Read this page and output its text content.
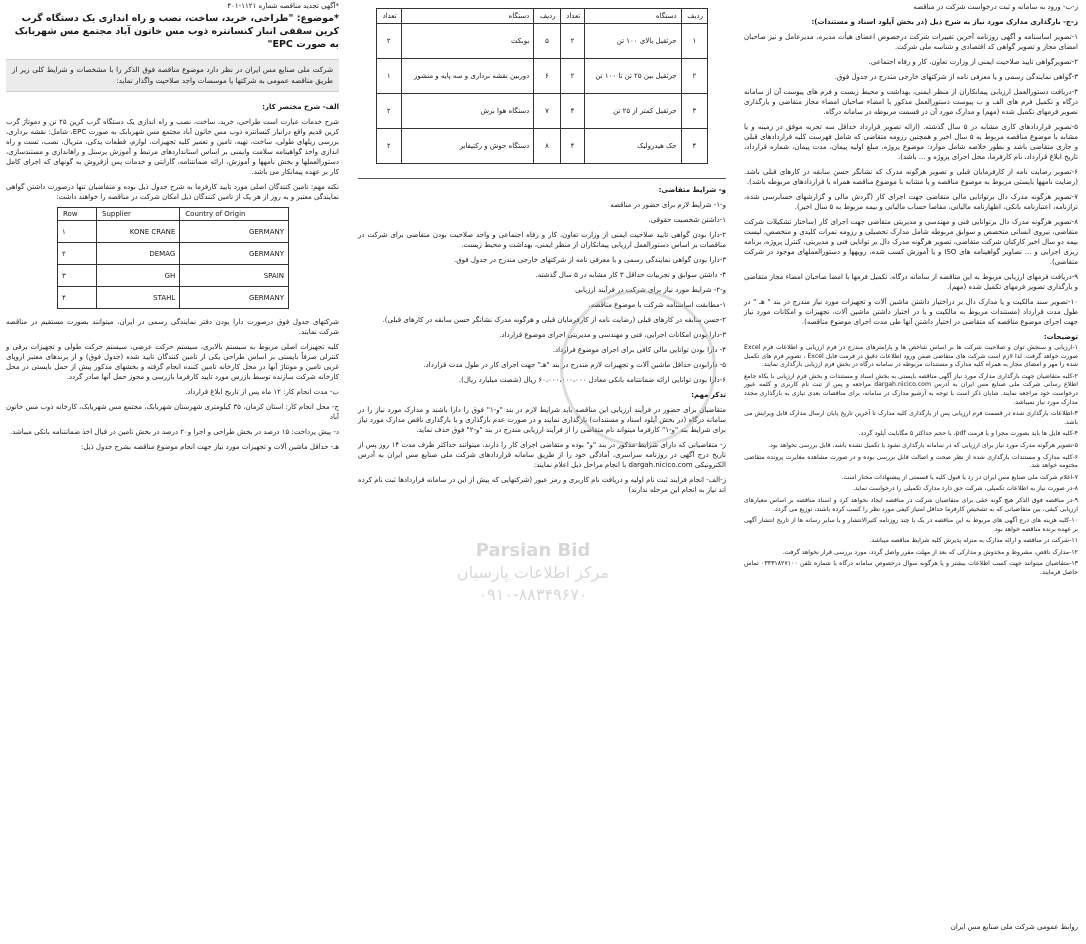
*آگهی تجدید مناقصه شماره ۱۱۲۱-۴۰۱
*موضوع: "طراحی، خرید، ساخت، نصب و راه اندازی یک دستگاه گرب کرین سقفی انبار کنسانتره ذوب مس خاتون آباد مجتمع مس شهربابک به صورت EPC"
شرکت ملی صنایع مس ایران در نظر دارد موضوع مناقصه فوق الذکر را با مشخصات و شرایط کلی زیر از طریق مناقصه عمومی به شرکتها یا موسسات واجد صلاحیت واگذار نماید:

الف- شرح مختصر کار:

شرح خدمات عبارت است طراحی، خرید، ساخت، نصب و راه اندازی یک دستگاه گرب کرین ۲۵ تن و دموتاژ گرب کرین قدیم واقع درانبار کنسانتره ذوب مس خاتون آباد مجتمع مس شهربابک به صورت EPC، شامل: نقشه برداری، بررسی ریلهای طولی، ساخت، تهیه، تامین و تعمیر کلیه تجهیزات، لوازم، قطعات یدکی، متریال، نصب، تست و راه اندازی واخذ گواهینامه سلامت وایمنی بر اساس استانداردهای مرتبط و آموزش پرسنل و راهاندازی و مستندسازی، دستورالعملها و بخش نامهها و آموزش، ارائه ضمانتنامه، گارانتی و خدمات پس ازفروش به گونهای که اجرای کامل کار بر عهده پیمانکار می باشد.

نکته مهم: تامین کنندگان اصلی مورد تایید کارفرما به شرح جدول ذیل بوده و متقاضیان تنها درصورت داشتن گواهی نمایندگی معتبر و به روز از هر یک از تامین کنندگان ذیل امکان شرکت در مناقصه را خواهند داشت:

Row	Supplier	Country of Origin
۱	KONE CRANE	GERMANY
۲	DEMAG	GERMANY
۳	GH	SPAIN
۴	STAHL	GERMANY

شرکتهای جدول فوق درصورت دارا بودن دفتر نمایندگی رسمی در ایران، میتوانند بصورت مستقیم در مناقصه شرکت نمایند.

کلیه تجهیزات اصلی مربوط به سیستم بالابری، سیستم حرکت عرضی، سیستم حرکت طولی و تجهیزات برقی و کنترلی صرفاً بایستی بر اساس طراحی یکی از تامین کنندگان تایید شده (جدول فوق) و از برندهای معتبر اروپای غربی تامین و مونتاژ آنها در محل کارخانه تامین کننده انجام گرفته و بخشهای مذکور پیش از حمل بایستی در محل کارخانه شرکت سازنده توسط بازرس مورد تایید کارفرما بازرسی و مجوز حمل آنها صادر گردد.

ب- مدت انجام کار: ۱۲ ماه پس از تاریخ ابلاغ قرارداد.

ج- محل انجام کار: استان کرمان، ۳۵ کیلومتری شهرستان شهربابک، مجتمع مس شهربابک، کارخانه ذوب مس خاتون آباد

د- پیش پرداخت: ۱۵ درصد در بخش طراحی و اجرا و۲۰ درصد در بخش تامین در قبال اخذ ضمانتنامه بانکی میباشد.

هـ- حداقل ماشین آلات و تجهیزات مورد نیاز جهت انجام موضوع مناقصه بشرح جدول ذیل:

ردیف	دستگاه	تعداد	ردیف	دستگاه	تعداد
۱	جرثقیل بالای ۱۰۰ تن	۲	۵	بوبکت	۲
۲	جرثقیل بین ۲۵ تن تا ۱۰۰ تن	۲	۶	دوربین نقشه برداری و سه پایه و منشور	۱
۳	جرثقیل کمتر از ۲۵ تن	۴	۷	دستگاه هوا برش	۲
۴	جک هیدرولیک	۴	۸	دستگاه جوش و رکتیفایر	۲

و- شرایط متقاضی:

و-۱- شرایط لازم برای حضور در مناقصه

۱-داشتن شخصیت حقوقی.

۲-دارا بودن گواهی تایید صلاحیت ایمنی از وزارت تعاون، کار و رفاه اجتماعی و واجد صلاحیت بودن متقاضی برای شرکت در مناقصات بر اساس دستورالعمل ارزیابی پیمانکاران از منظر ایمنی، بهداشت و محیط زیست.

۳-دارا بودن گواهی نمایندگی رسمی و یا معرفی نامه از شرکتهای خارجی مندرج در جدول فوق.

۴- داشتن سوابق و تجربیات حداقل ۳ کار مشابه در ۵ سال گذشته.

و-۲- شرایط مورد نیاز برای شرکت در فرآیند ارزیابی

۱-مطابقت اساسنامه شرکت با موضوع مناقصه.

۲-حسن سابقه در کارهای قبلی (رضایت نامه از کارفرمایان قبلی و هرگونه مدرک نشانگر حسن سابقه در کارهای قبلی).

۳-دارا بودن امکانات اجرایی، فنی و مهندسی و مدیریتی اجرای موضوع قرارداد.

۴- دارا بودن توانایی مالی کافی برای اجرای موضوع قرارداد.

۵- دارابودن حداقل ماشین آلات و تجهیزات لازم مندرج در بند "هـ" جهت اجرای کار در طول مدت قرارداد.

۶-دارا بودن توانایی ارائه ضمانتنامه بانکی معادل ۶۰،۰۰۰،۰۰۰،۰۰۰ ریال (شصت میلیارد ریال).

تذکر مهم:

متقاضیان برای حضور در فرآیند ارزیابی این مناقصه باید شرایط لازم در بند "و-۱" فوق را دارا باشند و مدارک مورد نیاز را در سامانه درگاه (در بخش آپلود اسناد و مستندات) بارگذاری نمایند و در صورت عدم بارگذاری و یا بارگذاری ناقص مدارک مورد نیاز برای شرایط بند "و-۱" کارفرما میتواند نام متقاضی را از فرآیند ارزیابی مندرج در بند "و-۲" فوق حذف نماید.

ز- متقاضیانی که دارای شرایط مذکور در بند "و" بوده و متقاضی اجرای کار را دارند، میتوانند حداکثر ظرف مدت ۱۴ روز پس از تاریخ درج آگهی در روزنامه سراسری، آمادگی خود را از طریق سامانه قراردادهای شرکت ملی صنایع مس ایران به آدرس الکترونیکی dargah.nicico.com با انجام مراحل ذیل اعلام نمایند:

ز-الف- انجام فرایند ثبت نام اولیه و دریافت نام کاربری و رمز عبور (شرکتهایی که پیش از این در سامانه قراردادها ثبت نام کرده اند نیاز به انجام این مرحله ندارند)

ز-ب- ورود به سامانه و ثبت درخواست شرکت در مناقصه

ز-ج- بارگذاری مدارک مورد نیاز به شرح ذیل (در بخش آپلود اسناد و مستندات):

۱-تصویر اساسنامه و آگهی روزنامه آخرین تغییرات شرکت درخصوص اعضای هیأت مدیره، مدیرعامل و نیز صاحبان امضای مجاز و تصویر گواهی کد اقتصادی و شناسه ملی شرکت.

۲-تصویرگواهی تایید صلاحیت ایمنی از وزارت تعاون، کار و رفاه اجتماعی.

۳-گواهی نمایندگی رسمی و یا معرفی نامه از شرکتهای خارجی مندرج در جدول فوق.

۴-دریافت دستورالعمل ارزیابی پیمانکاران از منظر ایمنی، بهداشت و محیط زیست و فرم های پیوست آن از سامانه درگاه و تکمیل فرم های الف و ب پیوست دستورالعمل مذکور با امضاء صاحبان امضاء مجاز متقاضی و بارگذاری تصویر فرمهای تکمیل شده (مهم) و مدارک مورد آن در قسمت مربوطه در سامانه درگاه.

۵-تصویر قراردادهای کاری مشابه در ۵ سال گذشته. (ارائه تصویر قرارداد حداقل سه تجربه موفق در زمینه و یا مشابه با موضوع مناقصه مربوط به ۵ سال اخیر و همچنین رزومه متقاضی که شامل فهرست کلیه قراردادهای قبلی و جاری متقاضی باشد و بطور خلاصه شامل موارد: موضوع پروژه، مبلغ اولیه پیمان، مدت پیمان، شماره قرارداد، تاریخ ابلاغ قرارداد، نام کارفرما، محل اجرای پروژه و ... باشد).

۶-تصویر رضایت نامه از کارفرمایان قبلی و تصویر هرگونه مدرک که نشانگر حسن سابقه در کارهای قبلی باشد. (رضایت نامهها بایستی مربوط به موضوع مناقصه و یا مشابه با موضوع مناقصه همراه با قراردادهای مربوطه باشد).

۷-تصویر هرگونه مدرک دال برتوانایی مالی متقاضی جهت اجرای کار (گردش مالی و گزارشهای حسابرسی شده، ترازنامه، اعتبارنامه بانکی، اظهارنامه مالیاتی، مفاصا حساب مالیاتی و بیمه مربوط به ۵ سال اخیر).

۸-تصویر هرگونه مدرک دال برتوانایی فنی و مهندسی و مدیریتی متقاضی جهت اجرای کار (ساختار تشکیلات شرکت متقاضی، نیروی انسانی متخصص و سوابق مربوطه شامل مدارک تحصیلی و رزومه تمرات کلیدی و متخصص، لیست بیمه دو سال اخیر کارکنان شرکت متقاضی، تصویر هرگونه مدرک دال بر توانایی فنی و مدیریتی، کنترل پروژه، برنامه ریزی اجرایی و ... تصاویر گواهینامه های ISO و یا آموزش کسب شده، رویهها و دستورالعملهای موجود در شرکت متقاضی).

۹-دریافت فرمهای ارزیابی مربوط به این مناقصه از سامانه درگاه، تکمیل فرمها با امضا صاحبان امضاء مجاز متقاضی و بارگذاری تصویر فرمهای تکمیل شده (مهم).

۱۰-تصویر سند مالکیت و یا مدارک دال بر دراختیار داشتن ماشین آلات و تجهیزات مورد نیاز مندرج در بند " هـ " در طول مدت قرارداد (مستندات مربوط به مالکیت و یا در اختیار داشتن ماشین آلات، تجهیزات و امکانات مورد نیاز جهت اجرای موضوع مناقصه که متقاضی در اختیار داشتن آنها طی مدت اجرای موضوع مناقصه).

توضیحات:

۱-ارزیابی و سنجش توان و صلاحیت شرکت ها بر اساس شاخص ها و پارامترهای مندرج در فرم ارزیابی و اطلاعات فرم Excel صورت خواهد گرفت. لذا لازم است شرکت های متقاضی ضمن ورود اطلاعات دقیق در فرمت فایل Excel ، تصویر فرم های تکمیل شده را مهر و امضای مجاز به همراه کلیه مدارک و مستندات مربوطه در سامانه درگاه در بخش فرم ارزیابی بارگذاری نمایند.

۲-کلیه متقاضیان جهت بارگذاری مدارک مورد نیاز آگهی مناقصه بایستی به بخش اسناد و مستندات و بخش فرم ارزیابی با یکاه جامع اطلاع رسانی شرکت ملی صنایع مس ایران به آدرس dargah.nicico.com مراجعه و پس از ثبت نام کاربری و کلمه عبور درخواست خود مراجعه نمایند. شایان ذکر است با توجه به آرشیو مدارک در سامانه، برای مناقصات بعدی نیازی به بارگذاری مجدد مدارک مورد نیاز نمیباشد.

۳-اطلاعات بارگذاری شده در قسمت فرم ارزیابی پس از بارگذاری کلیه مدارک تا آخرین تاریخ پایان ارسال مدارک قابل ویرایش می باشد.

۴-کلیه فایل ها باید بصورت مجزا و با فرمت pdf، با حجم حداکثر ۵ مگابایت آپلود گردد.

۵-تصویر هرگونه مدرک مورد نیاز برای ارزیابی که در سامانه بارگذاری نشود یا تکمیل نشده باشد، قابل بررسی نخواهد بود.

۶-کلیه مدارک و مستندات بارگذاری شده از نظر صحت و اصالت قابل بررسی بوده و در صورت مشاهده مغایرت پرونده متقاضی مختومه خواهد شد.

۷-اعلام شرکت ملی صنایع مس ایران در رد یا قبول کلیه یا قسمتی از پیشنهادات مختار است.

۸-در صورت نیاز به اطلاعات تکمیلی، شرکت حق دارد مدارک تکمیلی را درخواست نماید.

۹-در مناقصه فوق الذکر هیچ گونه حقی برای متقاضیان شرکت در مناقصه ایجاد نخواهد کرد و اسناد مناقصه بر اساس معیارهای ارزیابی کیفی، بین متقاضیانی که به تشخیص کارفرما حداقل امتیاز کیفی مورد نظر را کسب کرده باشند، توزیع می گردد.

۱۰-کلیه هزینه های درج آگهی های مربوط به این مناقصه در یک یا چند روزنامه کثیرالانتشار و یا سایر رسانه ها از تاریخ انتشار آگهی بر عهده برنده مناقصه خواهد بود.

۱۱-شرکت در مناقصه و ارائه مدارک به منزله پذیرش کلیه شرایط مناقصه میباشد.

۱۲-مدارک ناقص، مشروط و مخدوش و مدارکی که بعد از مهلت مقرر واصل گردد، مورد بررسی قرار نخواهد گرفت.

۱۳-متقاضیان میتوانند جهت کسب اطلاعات بیشتر و یا هرگونه سوال درخصوص سامانه درگاه با شماره تلفن ۰۳۴۳۱۸۲۷۱۰۰ تماس حاصل فرمایند.

Parsian Bid
مرکز اطلاعات پارسیان
۰۹۱۰-۸۸۳۴۹۶۷۰
روابط عمومی شرکت ملی صنایع مس ایران
